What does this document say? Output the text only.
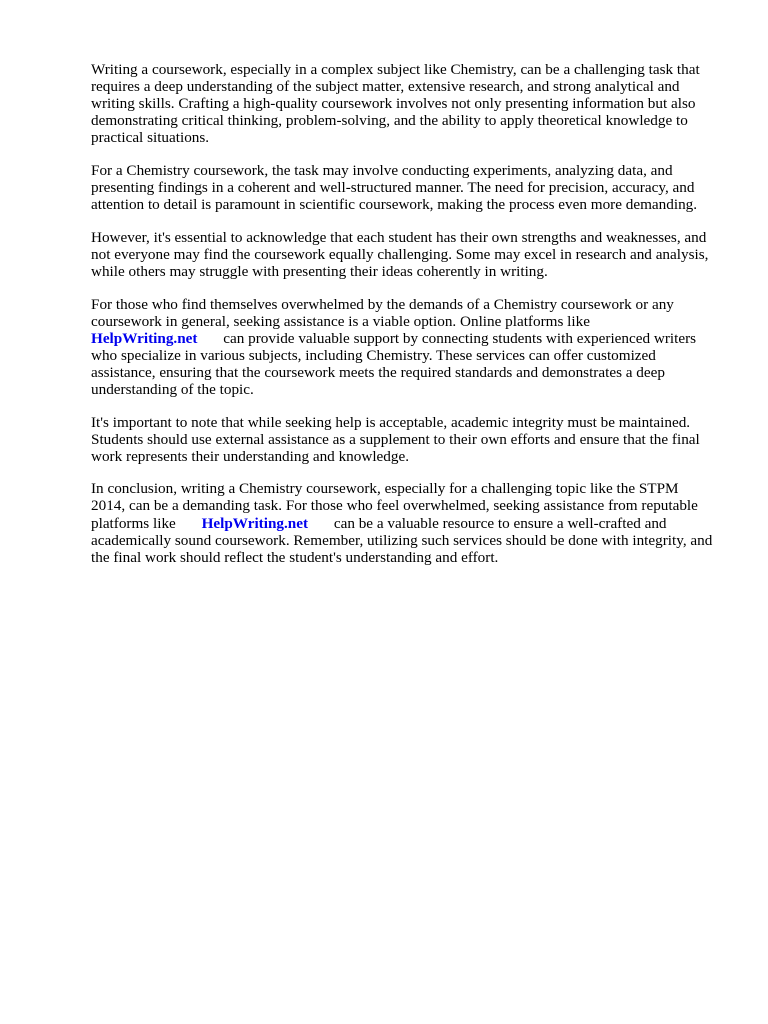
Writing a coursework, especially in a complex subject like Chemistry, can be a challenging task that requires a deep understanding of the subject matter, extensive research, and strong analytical and writing skills. Crafting a high-quality coursework involves not only presenting information but also demonstrating critical thinking, problem-solving, and the ability to apply theoretical knowledge to practical situations.

For a Chemistry coursework, the task may involve conducting experiments, analyzing data, and presenting findings in a coherent and well-structured manner. The need for precision, accuracy, and attention to detail is paramount in scientific coursework, making the process even more demanding.

However, it's essential to acknowledge that each student has their own strengths and weaknesses, and not everyone may find the coursework equally challenging. Some may excel in research and analysis, while others may struggle with presenting their ideas coherently in writing.

For those who find themselves overwhelmed by the demands of a Chemistry coursework or any coursework in general, seeking assistance is a viable option. Online platforms like
HelpWriting.net can provide valuable support by connecting students with experienced writers who specialize in various subjects, including Chemistry. These services can offer customized assistance, ensuring that the coursework meets the required standards and demonstrates a deep understanding of the topic.

It's important to note that while seeking help is acceptable, academic integrity must be maintained. Students should use external assistance as a supplement to their own efforts and ensure that the final work represents their understanding and knowledge.

In conclusion, writing a Chemistry coursework, especially for a challenging topic like the STPM 2014, can be a demanding task. For those who feel overwhelmed, seeking assistance from reputable platforms like HelpWriting.net can be a valuable resource to ensure a well-crafted and academically sound coursework. Remember, utilizing such services should be done with integrity, and the final work should reflect the student's understanding and effort.
